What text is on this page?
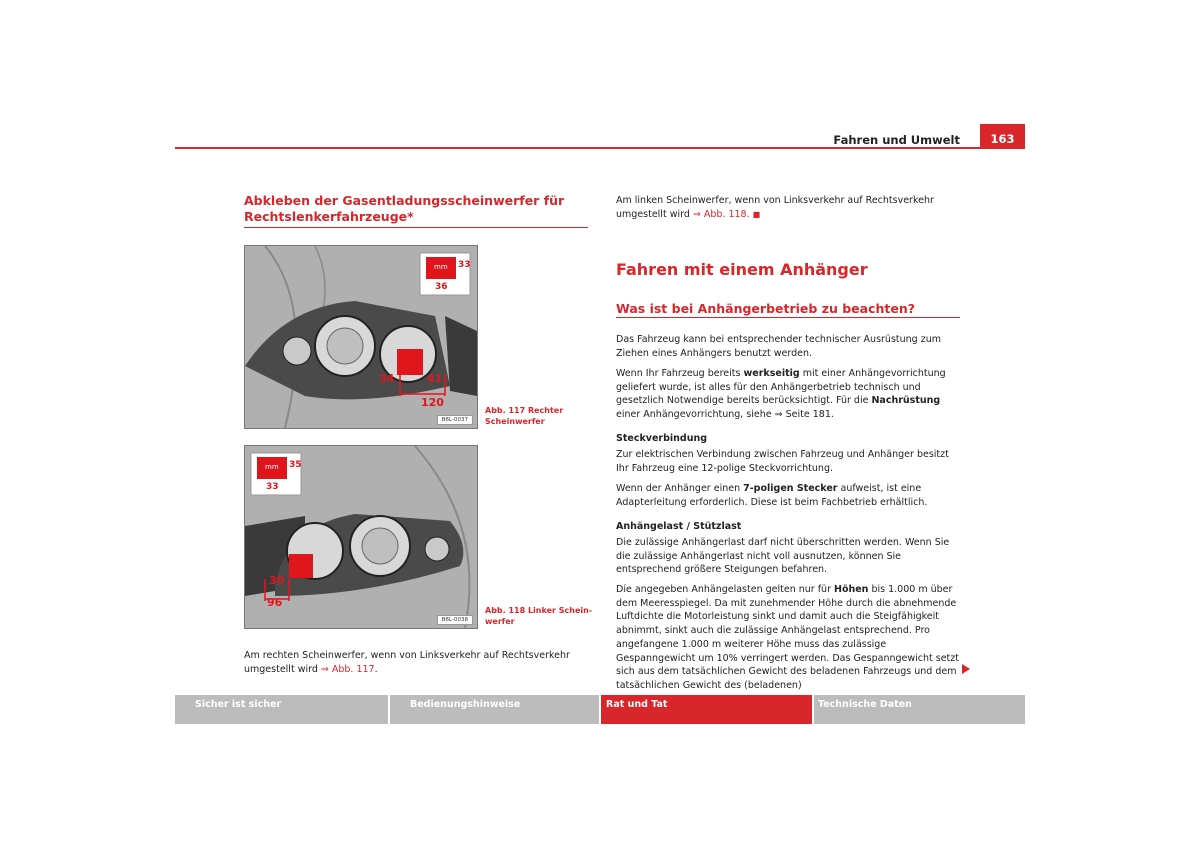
Fahren und Umwelt	163
Abkleben der Gasentladungsscheinwerfer für Rechtslenkerfahrzeuge*
mm 33
36
34	41
120
B6L-0037
Abb. 117 Rechter Scheinwerfer
mm 35
33
30
96
B6L-0038
Abb. 118 Linker Scheinwerfer
Am rechten Scheinwerfer, wenn von Linksverkehr auf Rechtsverkehr umgestellt wird ⇒ Abb. 117.
Am linken Scheinwerfer, wenn von Linksverkehr auf Rechtsverkehr umgestellt wird ⇒ Abb. 118. ■
Fahren mit einem Anhänger
Was ist bei Anhängerbetrieb zu beachten?
Das Fahrzeug kann bei entsprechender technischer Ausrüstung zum Ziehen eines Anhängers benutzt werden.
Wenn Ihr Fahrzeug bereits werkseitig mit einer Anhängevorrichtung geliefert wurde, ist alles für den Anhängerbetrieb technisch und gesetzlich Notwendige bereits berücksichtigt. Für die Nachrüstung einer Anhängevorrichtung, siehe ⇒ Seite 181.
Steckverbindung
Zur elektrischen Verbindung zwischen Fahrzeug und Anhänger besitzt Ihr Fahrzeug eine 12-polige Steckvorrichtung.
Wenn der Anhänger einen 7-poligen Stecker aufweist, ist eine Adapterleitung erforderlich. Diese ist beim Fachbetrieb erhältlich.
Anhängelast / Stützlast
Die zulässige Anhängerlast darf nicht überschritten werden. Wenn Sie die zulässige Anhängerlast nicht voll ausnutzen, können Sie entsprechend größere Steigungen befahren.
Die angegeben Anhängelasten gelten nur für Höhen bis 1.000 m über dem Meeresspiegel. Da mit zunehmender Höhe durch die abnehmende Luftdichte die Motorleistung sinkt und damit auch die Steigfähigkeit abnimmt, sinkt auch die zulässige Anhängelast entsprechend. Pro angefangene 1.000 m weiterer Höhe muss das zulässige Gespanngewicht um 10% verringert werden. Das Gespanngewicht setzt sich aus dem tatsächlichen Gewicht des beladenen Fahrzeugs und dem tatsächlichen Gewicht des (beladenen)
Sicher ist sicher	Bedienungshinweise	Rat und Tat	Technische Daten
